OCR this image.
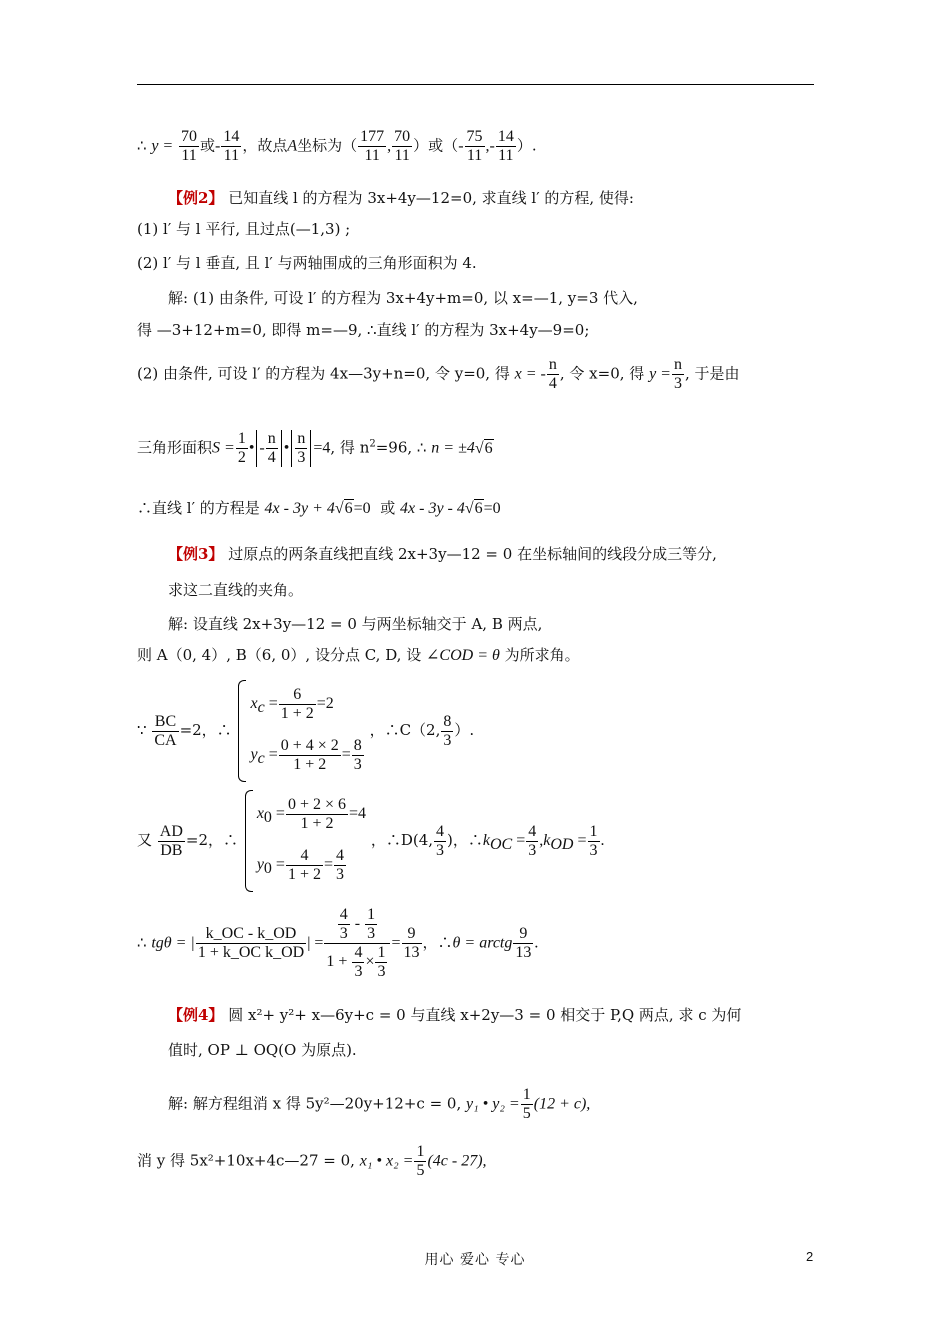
∴ $y = \frac{70}{11}$ 或- $\frac{14}{11}$ ，故点A坐标为（ $\frac{177}{11}$ , $\frac{70}{11}$ ）或（- $\frac{75}{11}$ ,- $\frac{14}{11}$ ）.
【例2】 已知直线 l 的方程为 3x+4y—12=0, 求直线 l′ 的方程, 使得:
(1) l′ 与 l 平行, 且过点(—1,3) ;
(2) l′ 与 l 垂直, 且 l′ 与两轴围成的三角形面积为 4.
解: (1) 由条件, 可设 l′ 的方程为 3x+4y+m=0, 以 x=—1, y=3 代入,
得 —3+12+m=0, 即得 m=—9, ∴直线 l′ 的方程为 3x+4y—9=0;
(2) 由条件, 可设 l′ 的方程为 4x—3y+n=0, 令 y=0, 得 x = - $\frac{n}{4}$ , 令 x=0, 得 $y = \frac{n}{3}$ , 于是由
三角形面积$S = \frac{1}{2}$ • - $\frac{n}{4}$ • $\frac{n}{3} =4$, 得 $n^2=96$, ∴ n = ±4√6
∴直线 l′ 的方程是 4x - 3y + 4√6=0 或 4x - 3y - 4√6=0
【例3】 过原点的两条直线把直线 2x+3y—12 = 0 在坐标轴间的线段分成三等分,
求这二直线的夹角。
解: 设直线 2x+3y—12 = 0 与两坐标轴交于 A, B 两点,
则 A（0, 4）, B（6, 0）, 设分点 C, D, 设 ∠COD = θ 为所求角。
∵ $\frac{BC}{CA} =2$，∴
$x_c = \frac{6}{1 + 2} =2$
$y_c = \frac{0 + 4 \times 2}{1 + 2} = \frac{8}{3}$
，∴C（2, $\frac{8}{3}$ ）.
又 $\frac{AD}{DB} =2$，∴
$x_0 = \frac{0 + 2 \times 6}{1 + 2} =4$
$y_0 = \frac{4}{1 + 2} = \frac{4}{3}$
，∴D(4, $\frac{4}{3}$ )，$\therefore k_{OC} = \frac{4}{3} ,k_{OD} = \frac{1}{3}$ .
∴ tgθ = | $\frac{k\_OC - k\_OD}{\text{1 + k\_OC k\_OD}}$ | = $\frac{\frac{4}{3} - \frac{1}{3}}{1 + \frac{4}{3} \times \frac{1}{3}} = \frac{9}{13}$ ，∴θ = arctg $\frac{9}{13}$ .
【例4】 圆 x²+ y²+ x—6y+c = 0 与直线 x+2y—3 = 0 相交于 P,Q 两点, 求 c 为何
值时, OP ⊥ OQ(O 为原点).
解: 解方程组消 x 得 5y²—20y+12+c = 0, y₁ • $y_2 = \frac{1}{5} (12 + c)$,
消 y 得 5x²+10x+4c—27 = 0, x₁ • $x_2 = \frac{1}{5} (4c - 27)$,
用心 爱心 专心	2
